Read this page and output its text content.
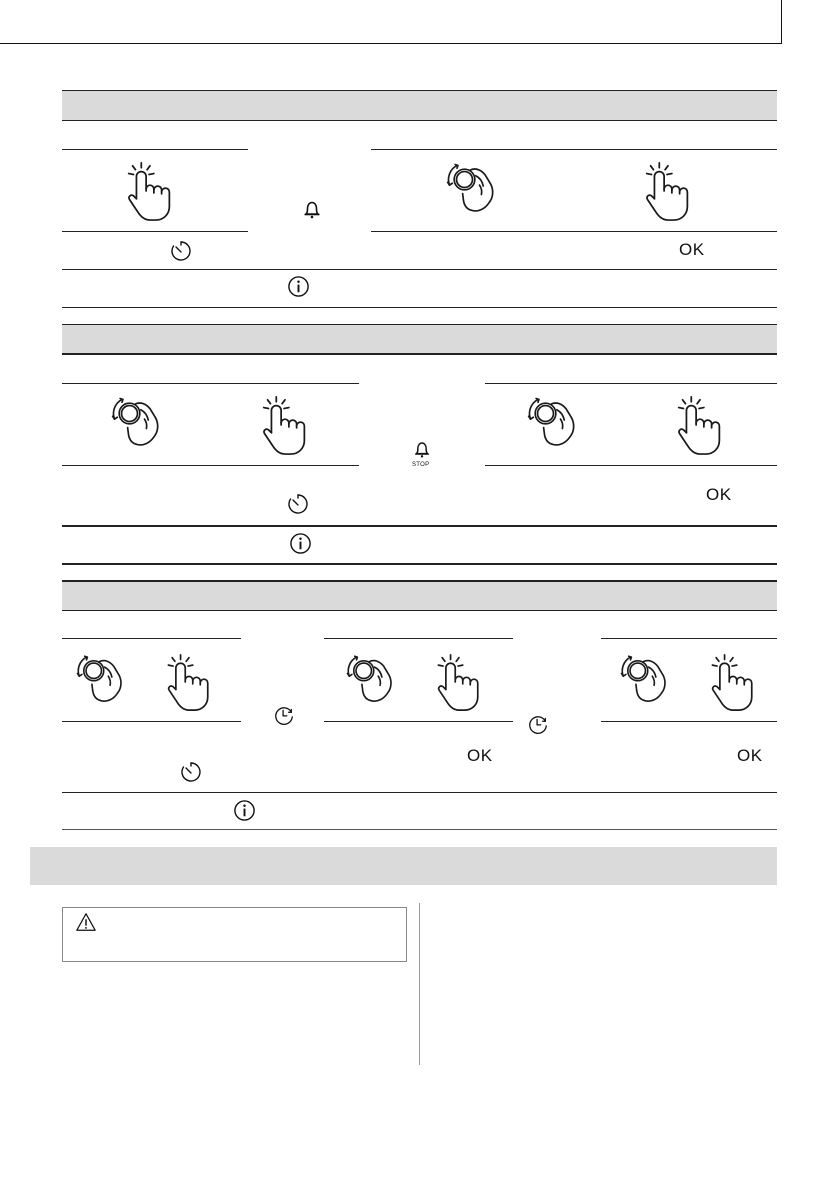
OK
STOP
OK
OK	OK
